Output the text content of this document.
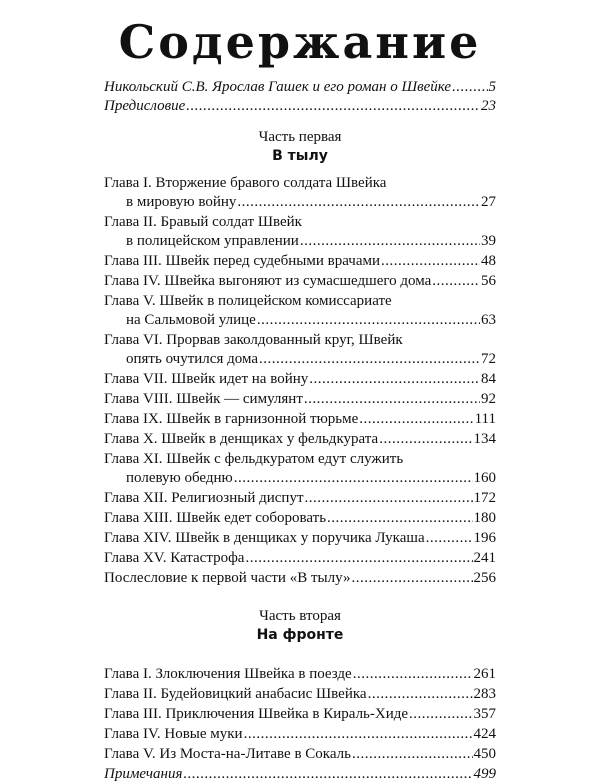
Содержание
Никольский С.В. Ярослав Гашек и его роман о Швейке ..... 5
Предисловие .....	23
Часть первая
В тылу
Глава I. Вторжение бравого солдата Швейка
в мировую войну .....	27
Глава II. Бравый солдат Швейк
в полицейском управлении .....	39
Глава III. Швейк перед судебными врачами .....	48
Глава IV. Швейка выгоняют из сумасшедшего дома .....	56
Глава V. Швейк в полицейском комиссариате
на Сальмовой улице .....	63
Глава VI. Прорвав заколдованный круг, Швейк
опять очутился дома .....	72
Глава VII. Швейк идет на войну .....	84
Глава VIII. Швейк — симулянт .....	92
Глава IX. Швейк в гарнизонной тюрьме .....	111
Глава X. Швейк в денщиках у фельдкурата .....	134
Глава XI. Швейк с фельдкуратом едут служить
полевую обедню .....	160
Глава XII. Религиозный диспут .....	172
Глава XIII. Швейк едет соборовать .....	180
Глава XIV. Швейк в денщиках у поручика Лукаша .....	196
Глава XV. Катастрофа .....	241
Послесловие к первой части «В тылу» .....	256
Часть вторая
На фронте
Глава I. Злоключения Швейка в поезде .....	261
Глава II. Будейовицкий анабасис Швейка .....	283
Глава III. Приключения Швейка в Кираль-Хиде .....	357
Глава IV. Новые муки .....	424
Глава V. Из Моста-на-Литаве в Сокаль .....	450
Примечания .....	499
